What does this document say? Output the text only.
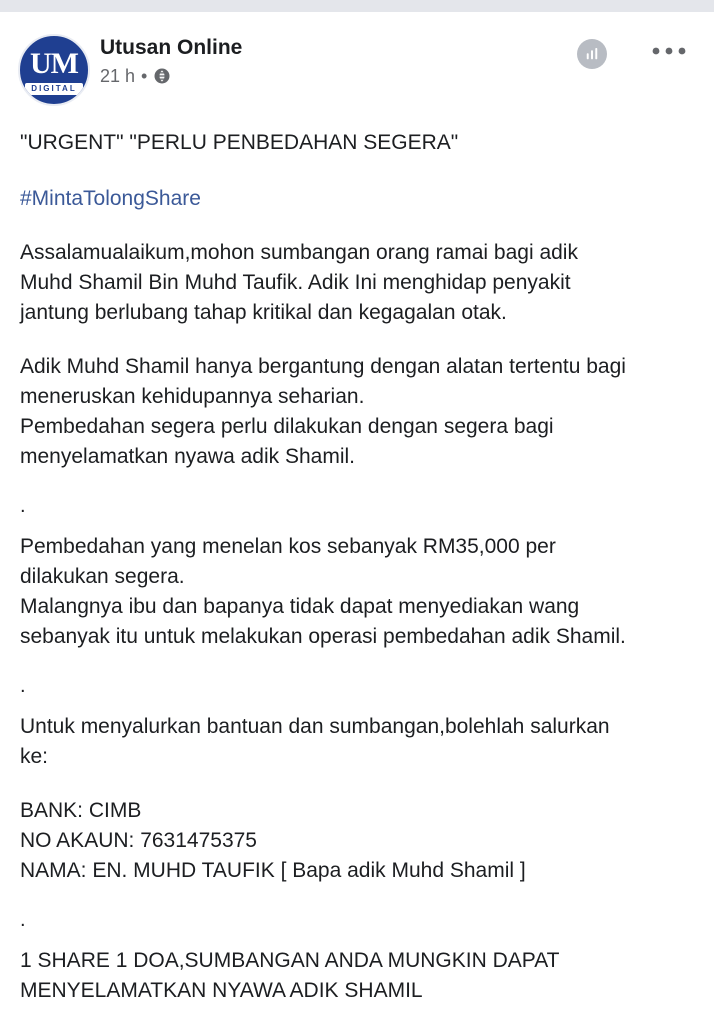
UM
DIGITAL
Utusan Online
21 h •
"URGENT" "PERLU PENBEDAHAN SEGERA"
#MintaTolongShare
Assalamualaikum,mohon sumbangan orang ramai bagi adik
Muhd Shamil Bin Muhd Taufik. Adik Ini menghidap penyakit
jantung berlubang tahap kritikal dan kegagalan otak.
Adik Muhd Shamil hanya bergantung dengan alatan tertentu bagi
meneruskan kehidupannya seharian.
Pembedahan segera perlu dilakukan dengan segera bagi
menyelamatkan nyawa adik Shamil.
.
Pembedahan yang menelan kos sebanyak RM35,000 per
dilakukan segera.
Malangnya ibu dan bapanya tidak dapat menyediakan wang
sebanyak itu untuk melakukan operasi pembedahan adik Shamil.
.
Untuk menyalurkan bantuan dan sumbangan,bolehlah salurkan
ke:
BANK: CIMB
NO AKAUN: 7631475375
NAMA: EN. MUHD TAUFIK [ Bapa adik Muhd Shamil ]
.
1 SHARE 1 DOA,SUMBANGAN ANDA MUNGKIN DAPAT
MENYELAMATKAN NYAWA ADIK SHAMIL
